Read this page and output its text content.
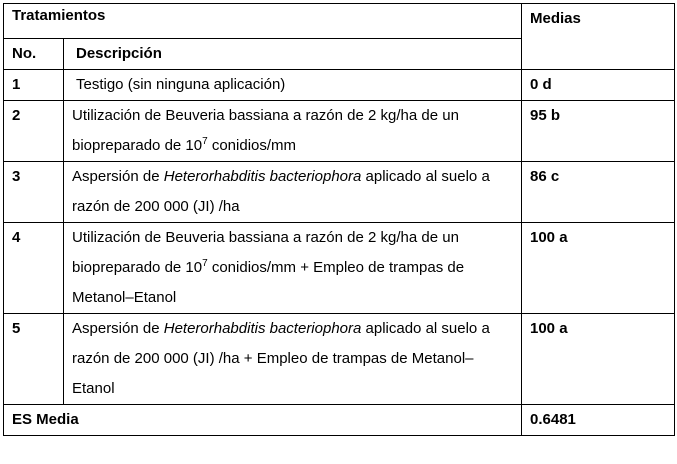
Tratamientos		Medias
No.	Descripción	
1	Testigo (sin ninguna aplicación)	0 d
2	Utilización de Beuveria bassiana a razón de 2 kg/ha de un biopreparado de $10^7$ conidios/mm	95 b
3	Aspersión de Heterorhabditis bacteriophora aplicado al suelo a razón de 200 000 (JI) /ha	86 c
4	Utilización de Beuveria bassiana a razón de 2 kg/ha de un biopreparado de $10^7$ conidios/mm + Empleo de trampas de Metanol–Etanol	100 a
5	Aspersión de Heterorhabditis bacteriophora aplicado al suelo a razón de 200 000 (JI) /ha + Empleo de trampas de Metanol–Etanol	100 a
ES Media		0.6481
